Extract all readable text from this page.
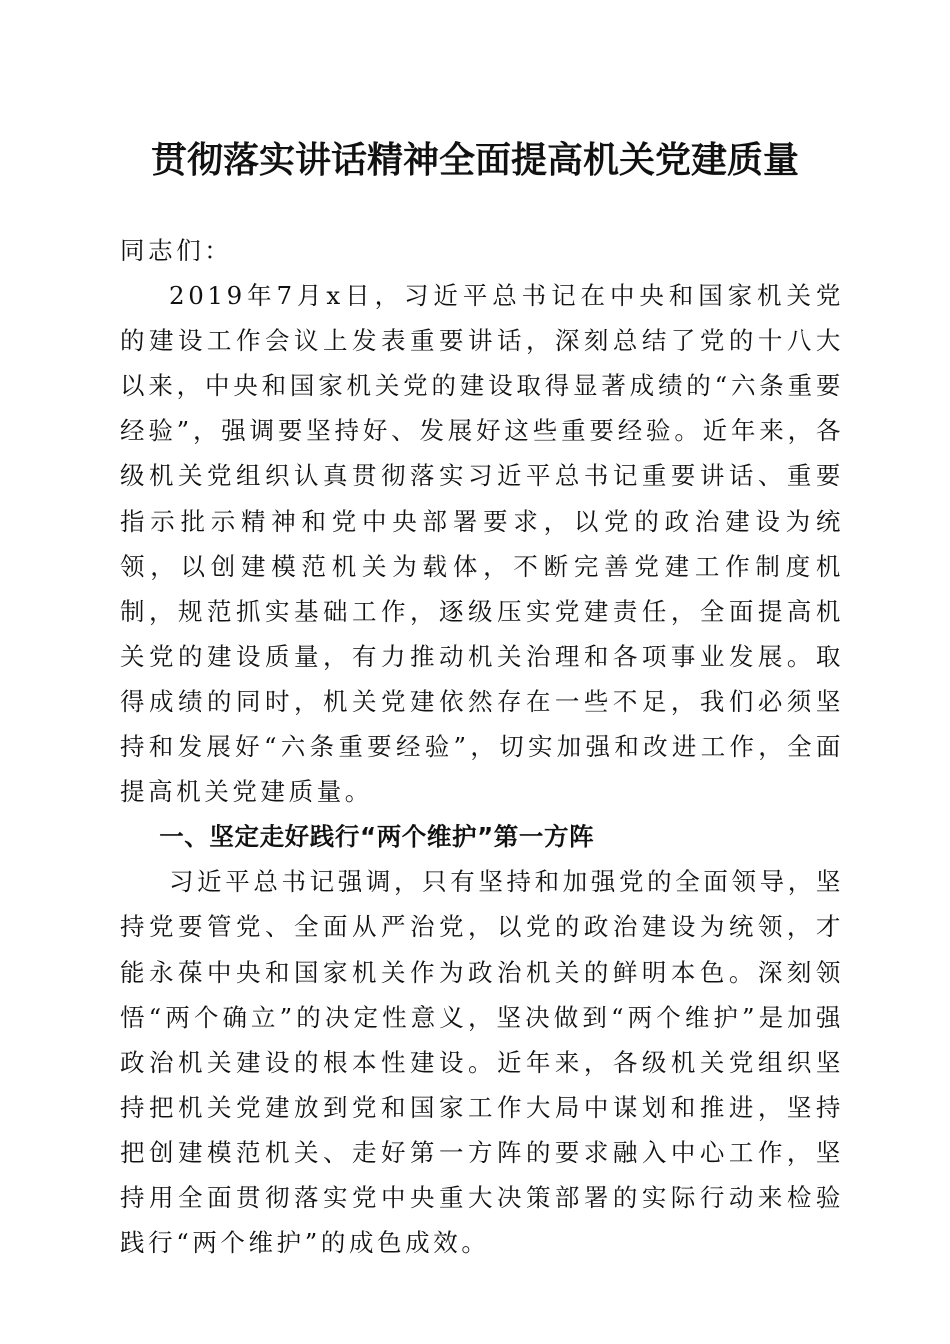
贯彻落实讲话精神全面提高机关党建质量

同志们：

2019年7月x日，习近平总书记在中央和国家机关党的建设工作会议上发表重要讲话，深刻总结了党的十八大以来，中央和国家机关党的建设取得显著成绩的“六条重要经验”，强调要坚持好、发展好这些重要经验。近年来，各级机关党组织认真贯彻落实习近平总书记重要讲话、重要指示批示精神和党中央部署要求，以党的政治建设为统领，以创建模范机关为载体，不断完善党建工作制度机制，规范抓实基础工作，逐级压实党建责任，全面提高机关党的建设质量，有力推动机关治理和各项事业发展。取得成绩的同时，机关党建依然存在一些不足，我们必须坚持和发展好“六条重要经验”，切实加强和改进工作，全面提高机关党建质量。

一、坚定走好践行“两个维护”第一方阵

习近平总书记强调，只有坚持和加强党的全面领导，坚持党要管党、全面从严治党，以党的政治建设为统领，才能永葆中央和国家机关作为政治机关的鲜明本色。深刻领悟“两个确立”的决定性意义，坚决做到“两个维护”是加强政治机关建设的根本性建设。近年来，各级机关党组织坚持把机关党建放到党和国家工作大局中谋划和推进，坚持把创建模范机关、走好第一方阵的要求融入中心工作，坚持用全面贯彻落实党中央重大决策部署的实际行动来检验践行“两个维护”的成色成效。
